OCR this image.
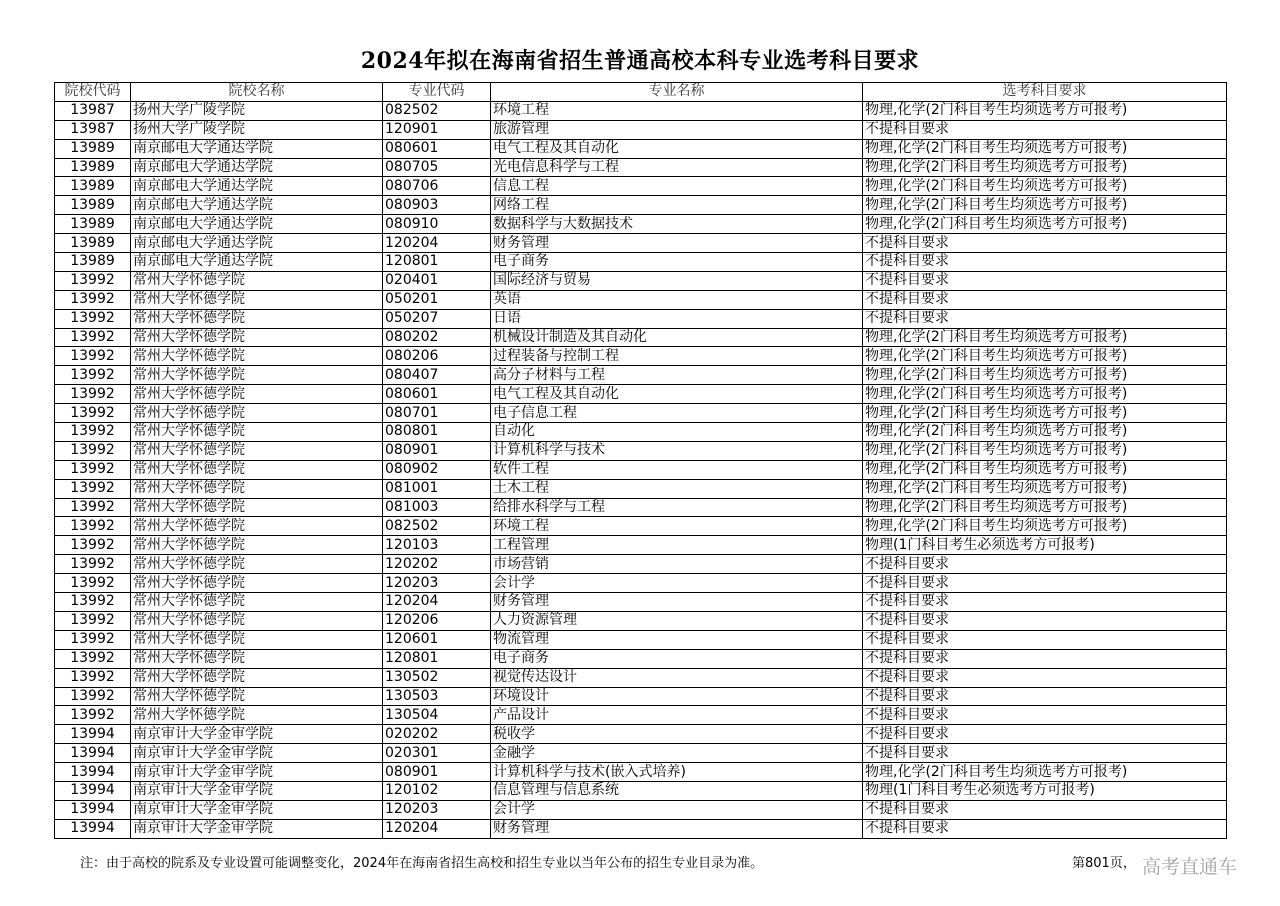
2024年拟在海南省招生普通高校本科专业选考科目要求
院校代码	院校名称	专业代码	专业名称	选考科目要求
13987	扬州大学广陵学院	082502	环境工程	物理,化学(2门科目考生均须选考方可报考)
13987	扬州大学广陵学院	120901	旅游管理	不提科目要求
13989	南京邮电大学通达学院	080601	电气工程及其自动化	物理,化学(2门科目考生均须选考方可报考)
13989	南京邮电大学通达学院	080705	光电信息科学与工程	物理,化学(2门科目考生均须选考方可报考)
13989	南京邮电大学通达学院	080706	信息工程	物理,化学(2门科目考生均须选考方可报考)
13989	南京邮电大学通达学院	080903	网络工程	物理,化学(2门科目考生均须选考方可报考)
13989	南京邮电大学通达学院	080910	数据科学与大数据技术	物理,化学(2门科目考生均须选考方可报考)
13989	南京邮电大学通达学院	120204	财务管理	不提科目要求
13989	南京邮电大学通达学院	120801	电子商务	不提科目要求
13992	常州大学怀德学院	020401	国际经济与贸易	不提科目要求
13992	常州大学怀德学院	050201	英语	不提科目要求
13992	常州大学怀德学院	050207	日语	不提科目要求
13992	常州大学怀德学院	080202	机械设计制造及其自动化	物理,化学(2门科目考生均须选考方可报考)
13992	常州大学怀德学院	080206	过程装备与控制工程	物理,化学(2门科目考生均须选考方可报考)
13992	常州大学怀德学院	080407	高分子材料与工程	物理,化学(2门科目考生均须选考方可报考)
13992	常州大学怀德学院	080601	电气工程及其自动化	物理,化学(2门科目考生均须选考方可报考)
13992	常州大学怀德学院	080701	电子信息工程	物理,化学(2门科目考生均须选考方可报考)
13992	常州大学怀德学院	080801	自动化	物理,化学(2门科目考生均须选考方可报考)
13992	常州大学怀德学院	080901	计算机科学与技术	物理,化学(2门科目考生均须选考方可报考)
13992	常州大学怀德学院	080902	软件工程	物理,化学(2门科目考生均须选考方可报考)
13992	常州大学怀德学院	081001	土木工程	物理,化学(2门科目考生均须选考方可报考)
13992	常州大学怀德学院	081003	给排水科学与工程	物理,化学(2门科目考生均须选考方可报考)
13992	常州大学怀德学院	082502	环境工程	物理,化学(2门科目考生均须选考方可报考)
13992	常州大学怀德学院	120103	工程管理	物理(1门科目考生必须选考方可报考)
13992	常州大学怀德学院	120202	市场营销	不提科目要求
13992	常州大学怀德学院	120203	会计学	不提科目要求
13992	常州大学怀德学院	120204	财务管理	不提科目要求
13992	常州大学怀德学院	120206	人力资源管理	不提科目要求
13992	常州大学怀德学院	120601	物流管理	不提科目要求
13992	常州大学怀德学院	120801	电子商务	不提科目要求
13992	常州大学怀德学院	130502	视觉传达设计	不提科目要求
13992	常州大学怀德学院	130503	环境设计	不提科目要求
13992	常州大学怀德学院	130504	产品设计	不提科目要求
13994	南京审计大学金审学院	020202	税收学	不提科目要求
13994	南京审计大学金审学院	020301	金融学	不提科目要求
13994	南京审计大学金审学院	080901	计算机科学与技术(嵌入式培养)	物理,化学(2门科目考生均须选考方可报考)
13994	南京审计大学金审学院	120102	信息管理与信息系统	物理(1门科目考生必须选考方可报考)
13994	南京审计大学金审学院	120203	会计学	不提科目要求
13994	南京审计大学金审学院	120204	财务管理	不提科目要求
注：由于高校的院系及专业设置可能调整变化，2024年在海南省招生高校和招生专业以当年公布的招生专业目录为准。	第801页， 高考直通车
